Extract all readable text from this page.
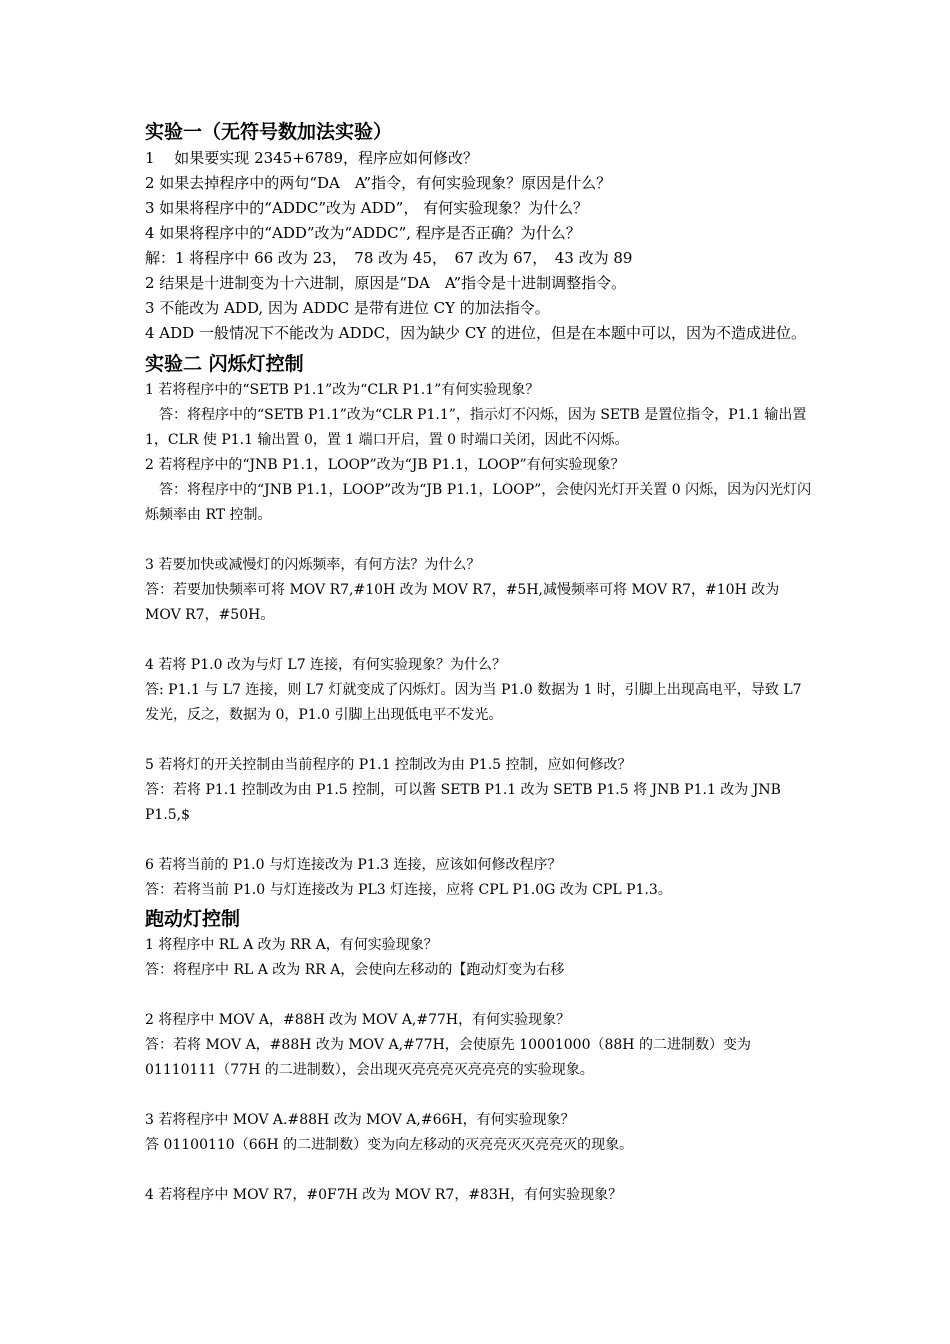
实验一（无符号数加法实验）
1　 如果要实现 2345+6789，程序应如何修改？
2 如果去掉程序中的两句“DA　A”指令，有何实验现象？原因是什么？
3 如果将程序中的“ADDC”改为 ADD”， 有何实验现象？为什么？
4 如果将程序中的“ADD”改为“ADDC”, 程序是否正确？为什么？
解：1 将程序中 66 改为 23，　78 改为 45，　67 改为 67，　43 改为 89
2 结果是十进制变为十六进制，原因是“DA　A”指令是十进制调整指令。
3 不能改为 ADD, 因为 ADDC 是带有进位 CY 的加法指令。
4 ADD 一般情况下不能改为 ADDC，因为缺少 CY 的进位，但是在本题中可以，因为不造成进位。
实验二 闪烁灯控制
1 若将程序中的“SETB P1.1”改为“CLR P1.1”有何实验现象？
　答：将程序中的“SETB P1.1”改为“CLR P1.1”，指示灯不闪烁，因为 SETB 是置位指令，P1.1 输出置 1，CLR 使 P1.1 输出置 0，置 1 端口开启，置 0 时端口关闭，因此不闪烁。
2 若将程序中的“JNB P1.1，LOOP”改为“JB P1.1，LOOP”有何实验现象？
　答：将程序中的“JNB P1.1，LOOP”改为“JB P1.1，LOOP”，会使闪光灯开关置 0 闪烁，因为闪光灯闪烁频率由 RT 控制。
3 若要加快或减慢灯的闪烁频率，有何方法？为什么？
答：若要加快频率可将 MOV R7,#10H 改为 MOV R7，#5H,减慢频率可将 MOV R7，#10H 改为 MOV R7，#50H。
4 若将 P1.0 改为与灯 L7 连接，有何实验现象？为什么？
答: P1.1 与 L7 连接，则 L7 灯就变成了闪烁灯。因为当 P1.0 数据为 1 时，引脚上出现高电平，导致 L7 发光，反之，数据为 0，P1.0 引脚上出现低电平不发光。
5 若将灯的开关控制由当前程序的 P1.1 控制改为由 P1.5 控制，应如何修改？
答：若将 P1.1 控制改为由 P1.5 控制，可以酱 SETB P1.1 改为 SETB P1.5 将 JNB P1.1 改为 JNB P1.5,$
6 若将当前的 P1.0 与灯连接改为 P1.3 连接，应该如何修改程序？
答：若将当前 P1.0 与灯连接改为 PL3 灯连接，应将 CPL P1.0G 改为 CPL P1.3。
跑动灯控制
1 将程序中 RL A 改为 RR A，有何实验现象？
答：将程序中 RL A 改为 RR A，会使向左移动的【跑动灯变为右移
2 将程序中 MOV A，#88H 改为 MOV A,#77H，有何实验现象？
答：若将 MOV A，#88H 改为 MOV A,#77H，会使原先 10001000（88H 的二进制数）变为 01110111（77H 的二进制数），会出现灭亮亮亮灭亮亮亮的实验现象。
3 若将程序中 MOV A.#88H 改为 MOV A,#66H，有何实验现象？
答 01100110（66H 的二进制数）变为向左移动的灭亮亮灭灭亮亮灭的现象。
4 若将程序中 MOV R7，#0F7H 改为 MOV R7，#83H，有何实验现象？
